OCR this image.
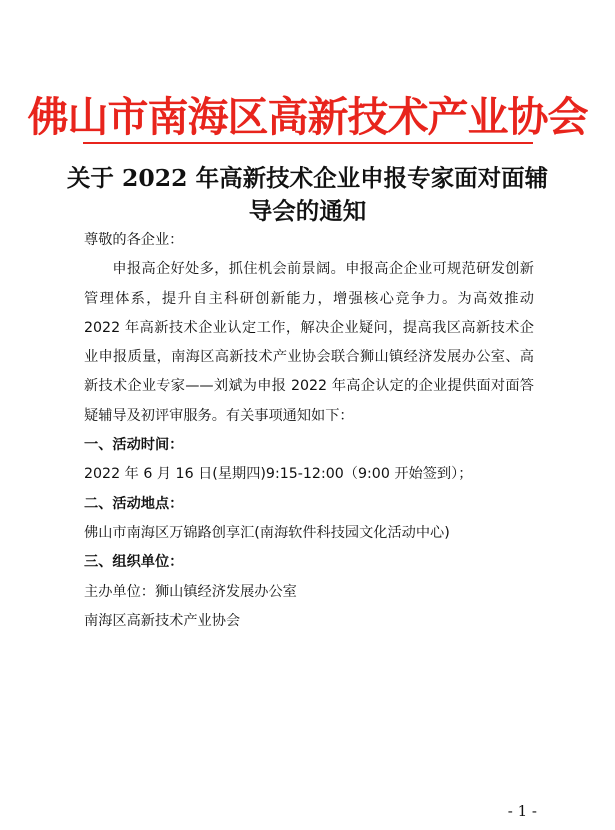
佛山市南海区高新技术产业协会
关于 2022 年高新技术企业申报专家面对面辅导会的通知

尊敬的各企业：

申报高企好处多，抓住机会前景阔。申报高企企业可规范研发创新管理体系，提升自主科研创新能力，增强核心竞争力。为高效推动 2022 年高新技术企业认定工作，解决企业疑问，提高我区高新技术企业申报质量，南海区高新技术产业协会联合狮山镇经济发展办公室、高新技术企业专家——刘斌为申报 2022 年高企认定的企业提供面对面答疑辅导及初评审服务。有关事项通知如下：

一、活动时间：

2022 年 6 月 16 日(星期四)9:15-12:00（9:00 开始签到）；

二、活动地点：

佛山市南海区万锦路创享汇(南海软件科技园文化活动中心)

三、组织单位：

主办单位：狮山镇经济发展办公室

南海区高新技术产业协会

- 1 -
